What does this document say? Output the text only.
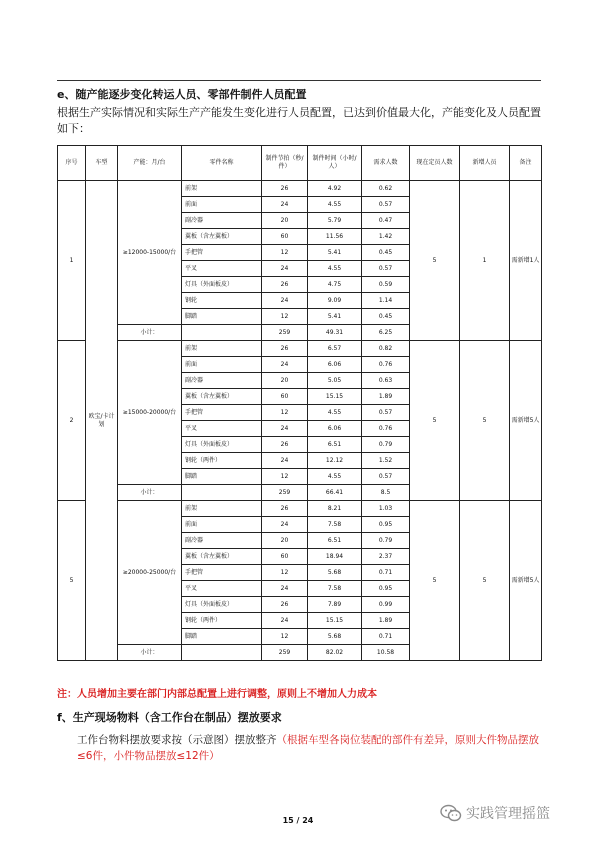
e、随产能逐步变化转运人员、零部件制件人员配置
根据生产实际情况和实际生产产能发生变化进行人员配置，已达到价值最大化，产能变化及人员配置如下：
序号	车型	产能：月/台	零件名称	制件节拍（秒/件）	制件时间（小时/人）	需求人数	现在定员人数	新增人员	备注
1	欧宝/卡计划	≥12000-15000/台	前架	26	4.92	0.62	5	1	需新增1人
			前面	24	4.55	0.57			
			副冷器	20	5.79	0.47			
			翼板（含左翼板）	60	11.56	1.42			
			手把管	12	5.41	0.45			
			平叉	24	4.55	0.57			
			灯具（外面板皮）	26	4.75	0.59			
			钢轮	24	9.09	1.14			
			脚踏	12	5.41	0.45			
		小计：		259	49.31	6.25			
2		≥15000-20000/台	前架	26	6.57	0.82	5	5	需新增5人
			前面	24	6.06	0.76			
			副冷器	20	5.05	0.63			
			翼板（含左翼板）	60	15.15	1.89			
			手把管	12	4.55	0.57			
			平叉	24	6.06	0.76			
			灯具（外面板皮）	26	6.51	0.79			
			钢轮（两件）	24	12.12	1.52			
			脚踏	12	4.55	0.57			
		小计：		259	66.41	8.5			
5		≥20000-25000/台	前架	26	8.21	1.03	5	5	需新增5人
			前面	24	7.58	0.95			
			副冷器	20	6.51	0.79			
			翼板（含左翼板）	60	18.94	2.37			
			手把管	12	5.68	0.71			
			平叉	24	7.58	0.95			
			灯具（外面板皮）	26	7.89	0.99			
			钢轮（两件）	24	15.15	1.89			
			脚踏	12	5.68	0.71			
		小计：		259	82.02	10.58			
注：人员增加主要在部门内部总配置上进行调整，原则上不增加人力成本
f、生产现场物料（含工作台在制品）摆放要求
工作台物料摆放要求按（示意图）摆放整齐（根据车型各岗位装配的部件有差异，原则大件物品摆放≤6件，小件物品摆放≤12件）
实践管理摇篮
15 / 24
